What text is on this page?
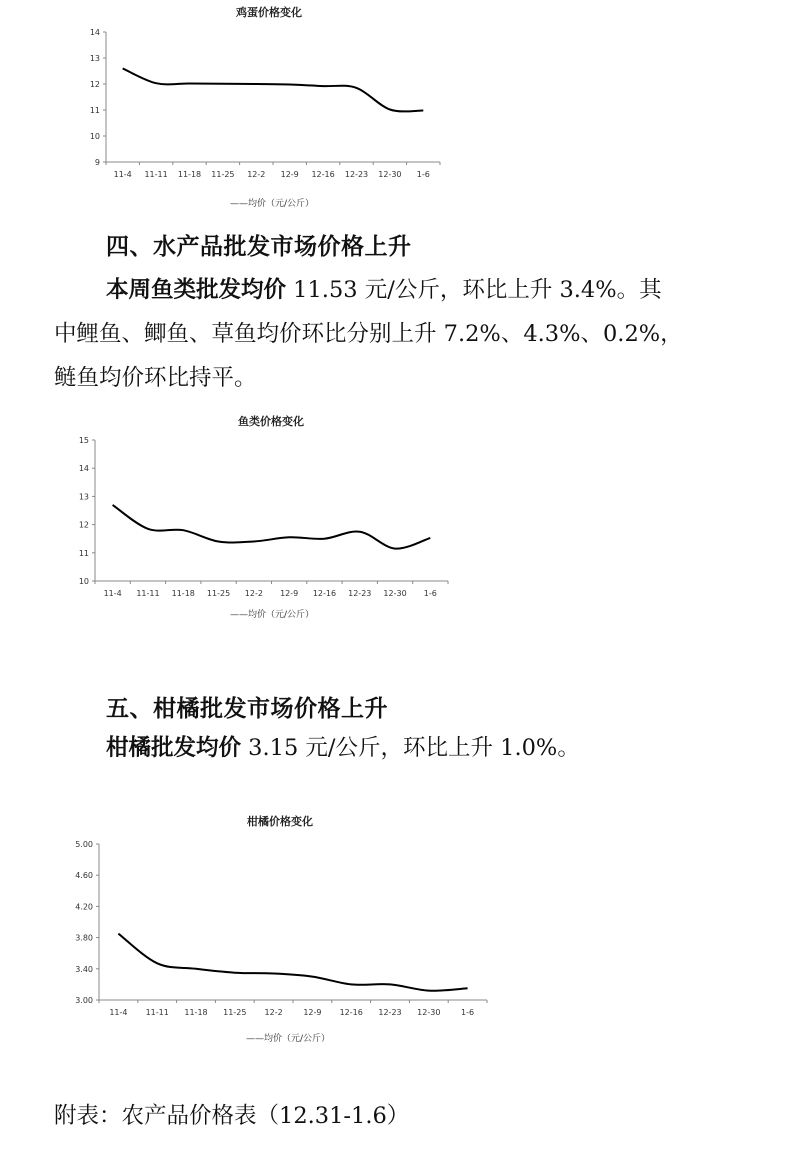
鸡蛋价格变化
——均价（元/公斤）
9
10
11
12
13
14
11-4 11-11 11-18 11-25 12-2 12-9 12-16 12-23 12-30 1-6
四、水产品批发市场价格上升
本周鱼类批发均价 11.53 元/公斤，环比上升 3.4%。其
中鲤鱼、鲫鱼、草鱼均价环比分别上升 7.2%、4.3%、0.2%，
鲢鱼均价环比持平。
鱼类价格变化
——均价（元/公斤）
10
11
12
13
14
15
11-4 11-11 11-18 11-25 12-2 12-9 12-16 12-23 12-30 1-6
五、柑橘批发市场价格上升
柑橘批发均价 3.15 元/公斤，环比上升 1.0%。
柑橘价格变化
——均价（元/公斤）
3.00
3.40
3.80
4.20
4.60
5.00
11-4 11-11 11-18 11-25 12-2	12-9 12-16 12-23 12-30	1-6

附表：农产品价格表（12.31-1.6）
